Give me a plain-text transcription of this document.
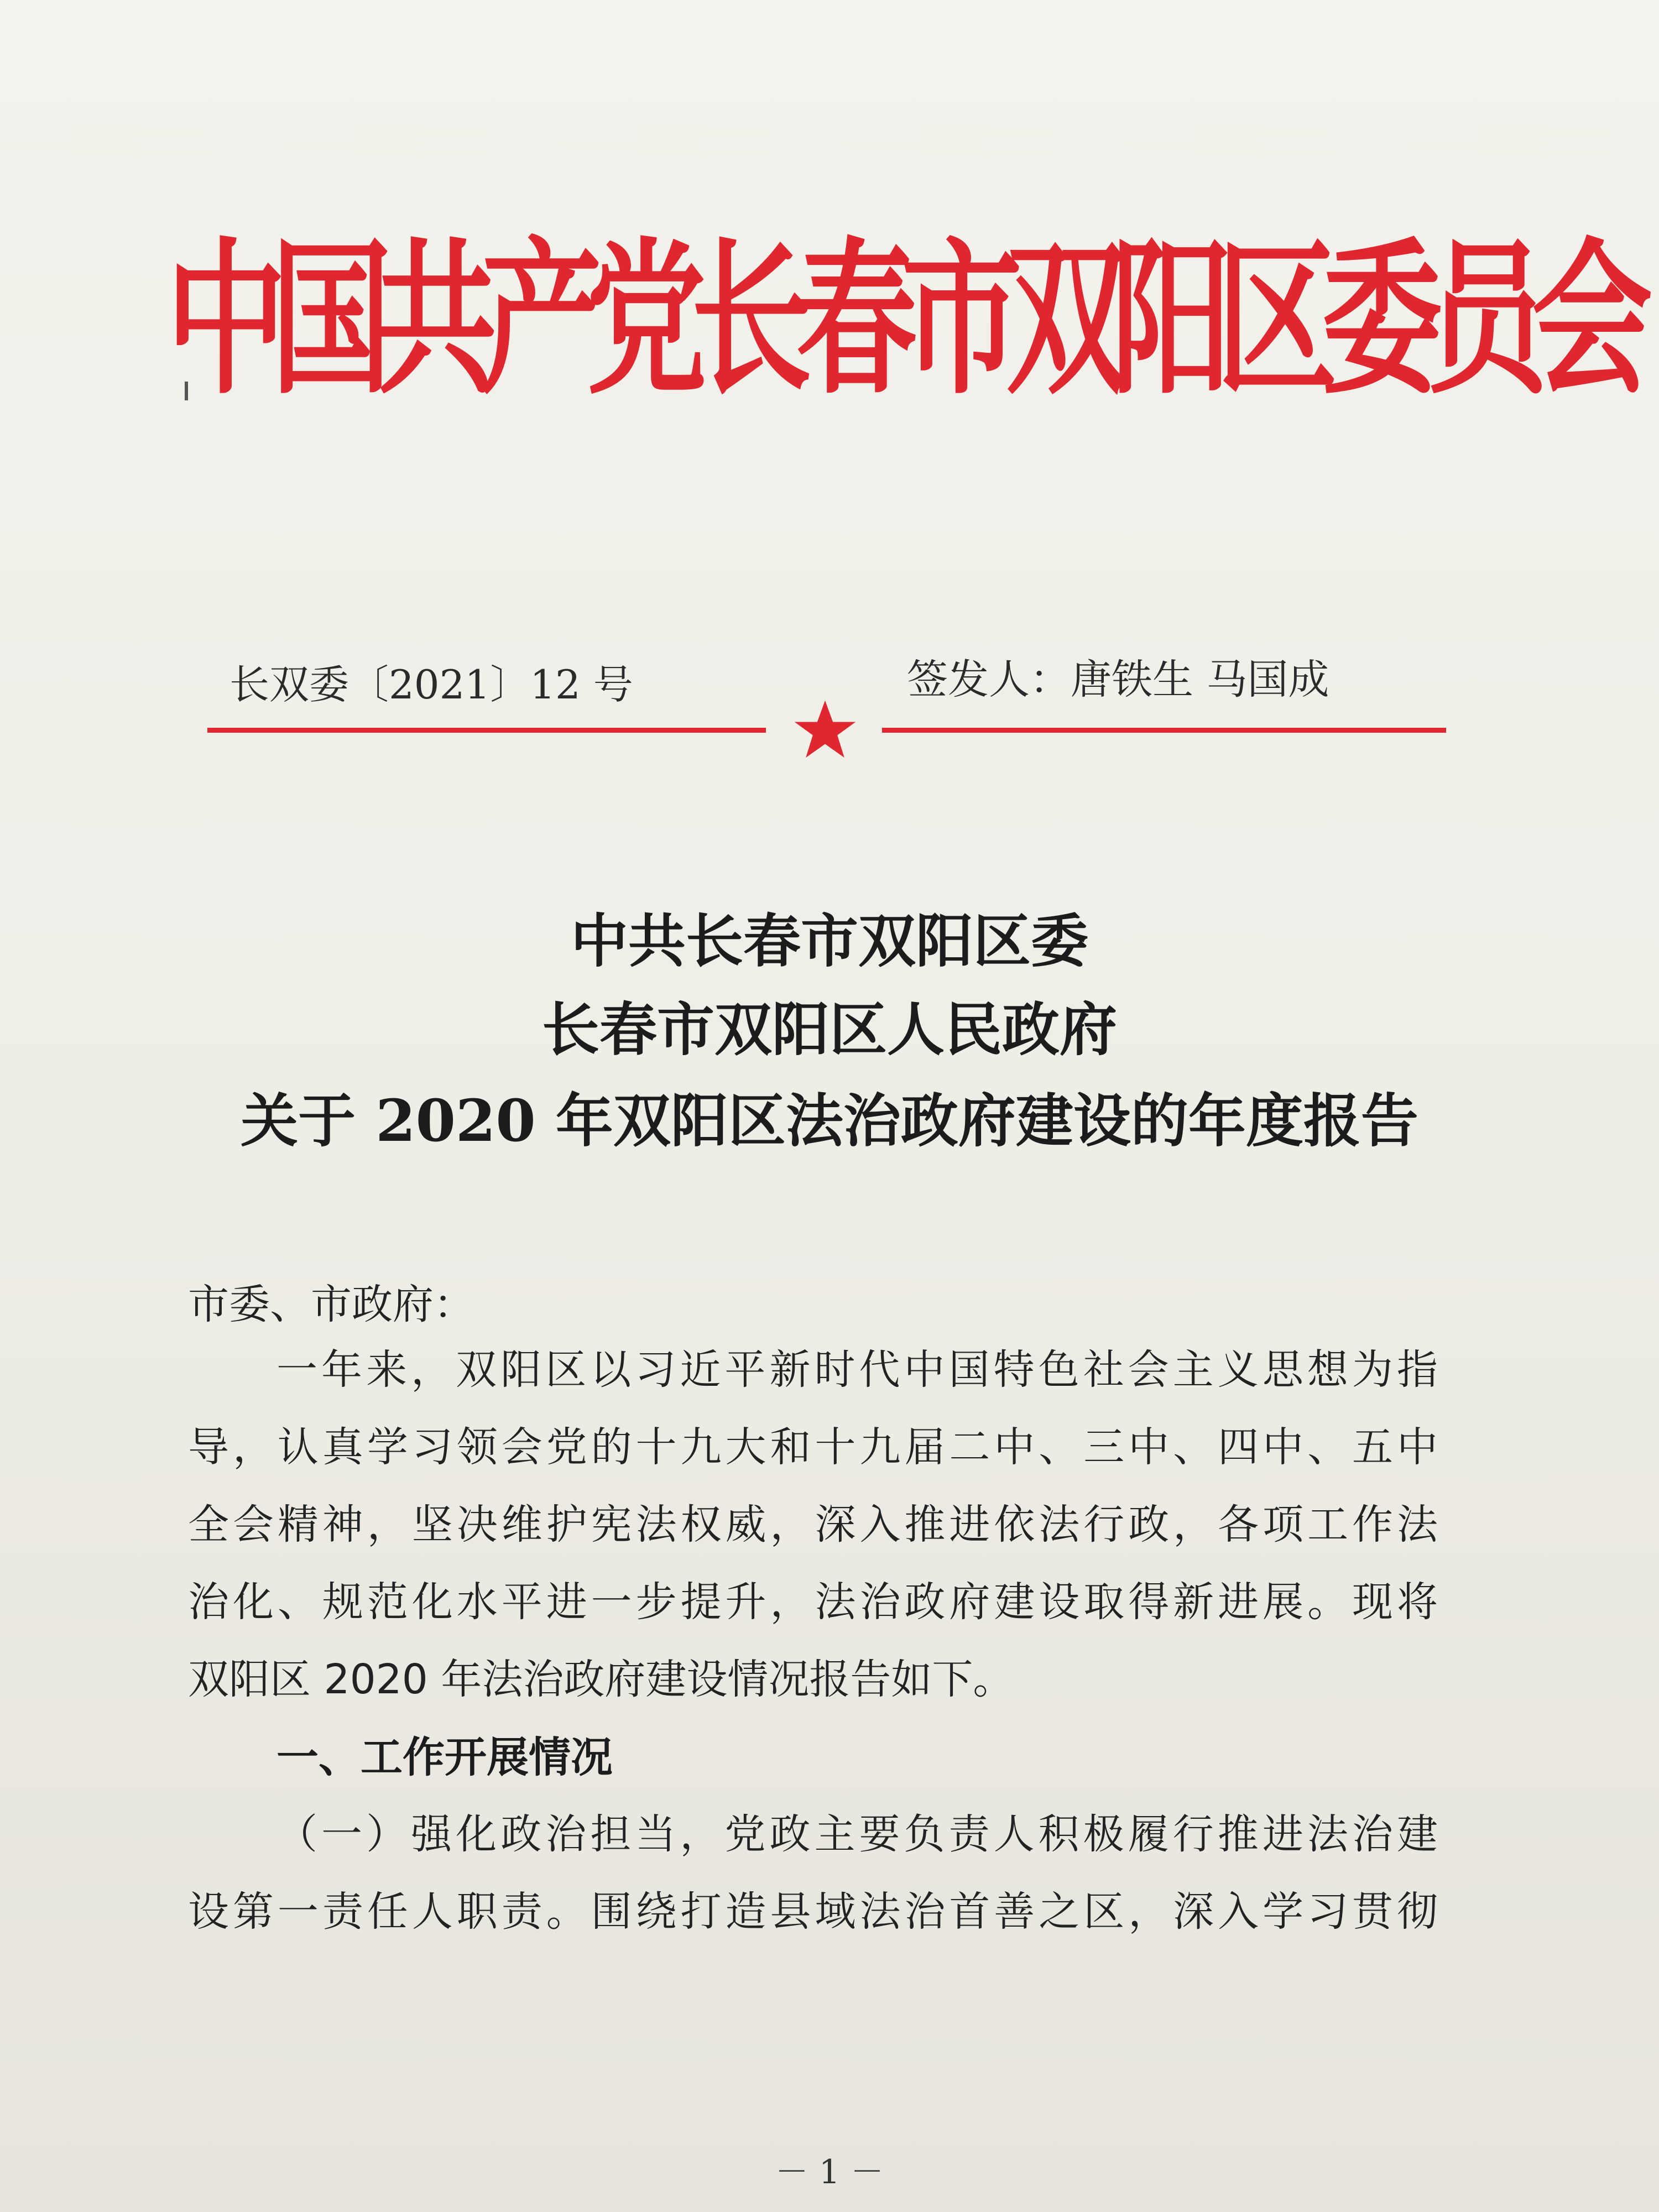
中国共产党长春市双阳区委员会
长双委〔2021〕12 号	签发人：唐铁生 马国成
中共长春市双阳区委
长春市双阳区人民政府
关于 2020 年双阳区法治政府建设的年度报告
市委、市政府：
一年来，双阳区以习近平新时代中国特色社会主义思想为指
导，认真学习领会党的十九大和十九届二中、三中、四中、五中
全会精神，坚决维护宪法权威，深入推进依法行政，各项工作法
治化、规范化水平进一步提升，法治政府建设取得新进展。现将
双阳区 2020 年法治政府建设情况报告如下。
一、工作开展情况
（一）强化政治担当，党政主要负责人积极履行推进法治建
设第一责任人职责。围绕打造县域法治首善之区，深入学习贯彻
－ 1 －
